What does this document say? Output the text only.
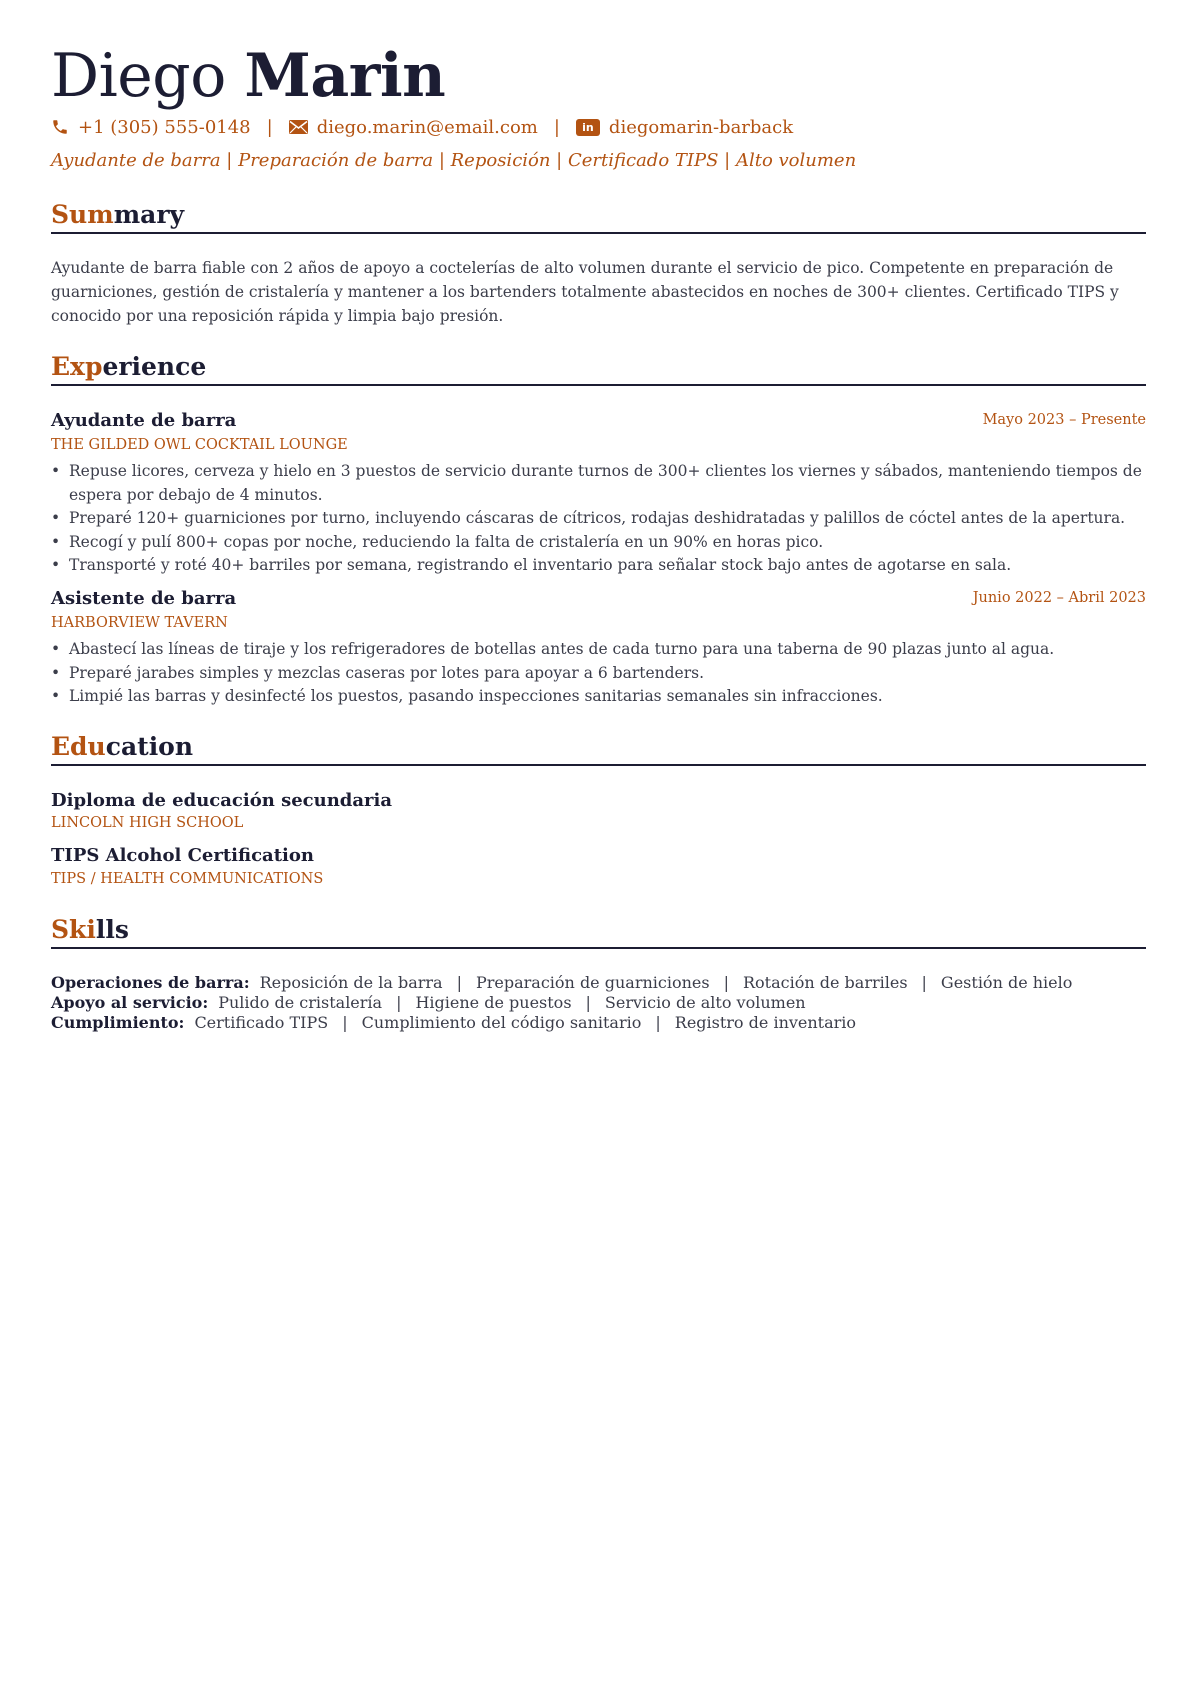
Diego Marin
+1 (305) 555-0148 | diego.marin@email.com |	in diegomarin-barback
Ayudante de barra | Preparación de barra | Reposición | Certificado TIPS | Alto volumen
Summary

Ayudante de barra fiable con 2 años de apoyo a coctelerías de alto volumen durante el servicio de pico. Competente en preparación de guarniciones, gestión de cristalería y mantener a los bartenders totalmente abastecidos en noches de 300+ clientes. Certificado TIPS y conocido por una reposición rápida y limpia bajo presión.

Experience
Ayudante de barra	Mayo 2023 – Presente
THE GILDED OWL COCKTAIL LOUNGE
• Repuse licores, cerveza y hielo en 3 puestos de servicio durante turnos de 300+ clientes los viernes y sábados, manteniendo tiempos de espera por debajo de 4 minutos.
• Preparé 120+ guarniciones por turno, incluyendo cáscaras de cítricos, rodajas deshidratadas y palillos de cóctel antes de la apertura.
• Recogí y pulí 800+ copas por noche, reduciendo la falta de cristalería en un 90% en horas pico.
• Transporté y roté 40+ barriles por semana, registrando el inventario para señalar stock bajo antes de agotarse en sala.
Asistente de barra	Junio 2022 – Abril 2023
HARBORVIEW TAVERN
• Abastecí las líneas de tiraje y los refrigeradores de botellas antes de cada turno para una taberna de 90 plazas junto al agua.
• Preparé jarabes simples y mezclas caseras por lotes para apoyar a 6 bartenders.
• Limpié las barras y desinfecté los puestos, pasando inspecciones sanitarias semanales sin infracciones.
Education
Diploma de educación secundaria
LINCOLN HIGH SCHOOL
TIPS Alcohol Certification
TIPS / HEALTH COMMUNICATIONS
Skills
Operaciones de barra: Reposición de la barra | Preparación de guarniciones | Rotación de barriles | Gestión de hielo
Apoyo al servicio: Pulido de cristalería | Higiene de puestos | Servicio de alto volumen
Cumplimiento: Certificado TIPS | Cumplimiento del código sanitario | Registro de inventario
